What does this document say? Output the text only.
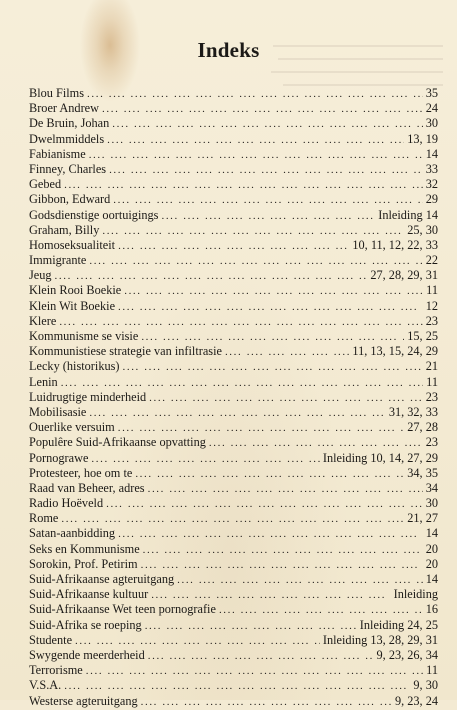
Indeks
Blou Films ....	35
Broer Andrew ....	24
De Bruin, Johan ....	30
Dwelmmiddels ....	13, 19
Fabianisme ....	14
Finney, Charles ....	33
Gebed ....	32
Gibbon, Edward ....	29
Godsdienstige oortuigings ....	Inleiding 14
Graham, Billy ....	25, 30
Homoseksualiteit ....	10, 11, 12, 22, 33
Immigrante ....	22
Jeug ....	27, 28, 29, 31
Klein Rooi Boekie ....	11
Klein Wit Boekie ....	12
Klere ....	23
Kommunisme se visie ....	15, 25
Kommunistiese strategie van infiltrasie ....	11, 13, 15, 24, 29
Lecky (historikus) ....	21
Lenin ....	11
Luidrugtige minderheid ....	23
Mobilisasie ....	31, 32, 33
Ouerlike versuim ....	27, 28
Populêre Suid-Afrikaanse opvatting ....	23
Pornograwe ....	Inleiding 10, 14, 27, 29
Protesteer, hoe om te ....	34, 35
Raad van Beheer, adres ....	34
Radio Hoëveld ....	30
Rome ....	21, 27
Satan-aanbidding ....	14
Seks en Kommunisme ....	20
Sorokin, Prof. Petirim ....	20
Suid-Afrikaanse agteruitgang ....	14
Suid-Afrikaanse kultuur ....	Inleiding
Suid-Afrikaanse Wet teen pornografie ....	16
Suid-Afrika se roeping ....	Inleiding 24, 25
Studente ....	Inleiding 13, 28, 29, 31
Swygende meerderheid ....	9, 23, 26, 34
Terrorisme ....	11
V.S.A. ....	9, 30
Westerse agteruitgang ....	9, 23, 24
